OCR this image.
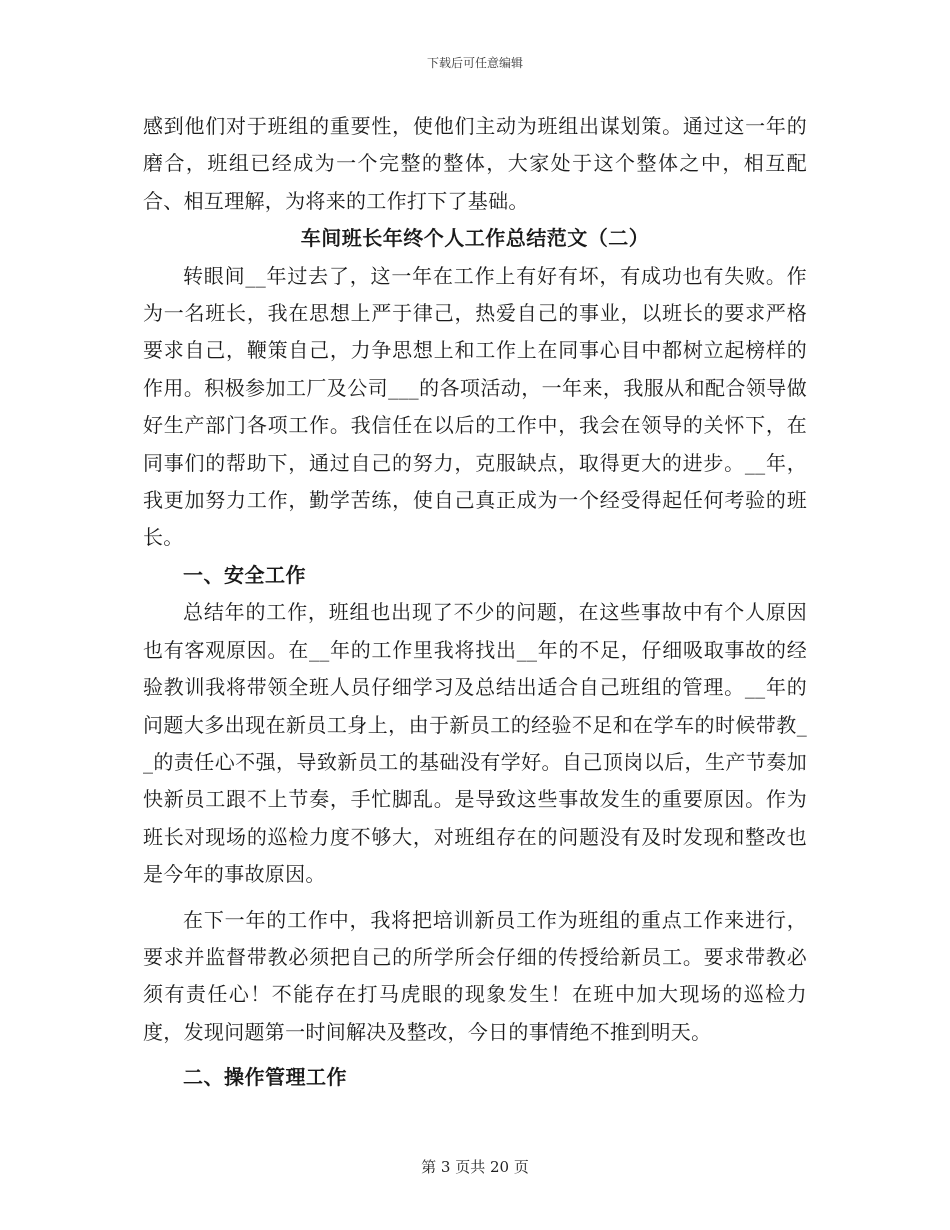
下载后可任意编辑

感到他们对于班组的重要性，使他们主动为班组出谋划策。通过这一年的磨合，班组已经成为一个完整的整体，大家处于这个整体之中，相互配合、相互理解，为将来的工作打下了基础。

车间班长年终个人工作总结范文（二）

转眼间__年过去了，这一年在工作上有好有坏，有成功也有失败。作为一名班长，我在思想上严于律己，热爱自己的事业，以班长的要求严格要求自己，鞭策自己，力争思想上和工作上在同事心目中都树立起榜样的作用。积极参加工厂及公司___的各项活动，一年来，我服从和配合领导做好生产部门各项工作。我信任在以后的工作中，我会在领导的关怀下，在同事们的帮助下，通过自己的努力，克服缺点，取得更大的进步。__年，我更加努力工作，勤学苦练，使自己真正成为一个经受得起任何考验的班长。

一、安全工作

总结年的工作，班组也出现了不少的问题，在这些事故中有个人原因也有客观原因。在__年的工作里我将找出__年的不足，仔细吸取事故的经验教训我将带领全班人员仔细学习及总结出适合自己班组的管理。__年的问题大多出现在新员工身上，由于新员工的经验不足和在学车的时候带教__的责任心不强，导致新员工的基础没有学好。自己顶岗以后，生产节奏加快新员工跟不上节奏，手忙脚乱。是导致这些事故发生的重要原因。作为班长对现场的巡检力度不够大，对班组存在的问题没有及时发现和整改也是今年的事故原因。

在下一年的工作中，我将把培训新员工作为班组的重点工作来进行，要求并监督带教必须把自己的所学所会仔细的传授给新员工。要求带教必须有责任心！不能存在打马虎眼的现象发生！在班中加大现场的巡检力度，发现问题第一时间解决及整改，今日的事情绝不推到明天。

二、操作管理工作

第 3 页共 20 页
